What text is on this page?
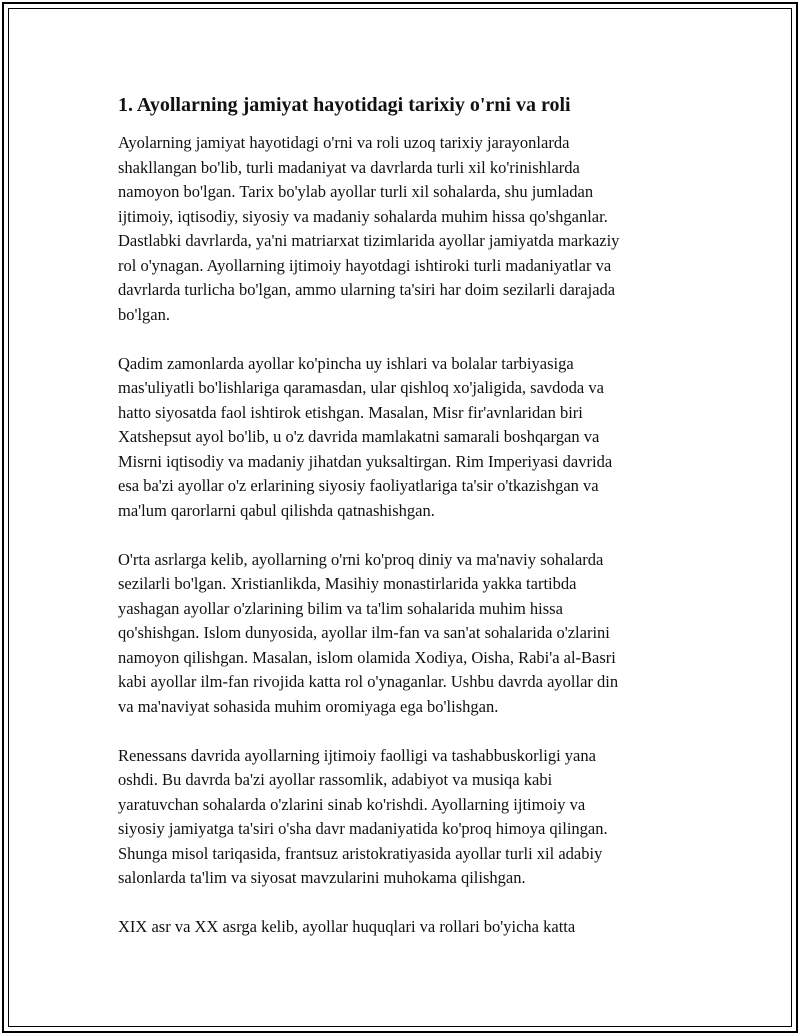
1. Ayollarning jamiyat hayotidagi tarixiy o'rni va roli
Ayolarning jamiyat hayotidagi o'rni va roli uzoq tarixiy jarayonlarda
shakllangan bo'lib, turli madaniyat va davrlarda turli xil ko'rinishlarda
namoyon bo'lgan. Tarix bo'ylab ayollar turli xil sohalarda, shu jumladan
ijtimoiy, iqtisodiy, siyosiy va madaniy sohalarda muhim hissa qo'shganlar.
Dastlabki davrlarda, ya'ni matriarxat tizimlarida ayollar jamiyatda markaziy
rol o'ynagan. Ayollarning ijtimoiy hayotdagi ishtiroki turli madaniyatlar va
davrlarda turlicha bo'lgan, ammo ularning ta'siri har doim sezilarli darajada
bo'lgan.
Qadim zamonlarda ayollar ko'pincha uy ishlari va bolalar tarbiyasiga
mas'uliyatli bo'lishlariga qaramasdan, ular qishloq xo'jaligida, savdoda va
hatto siyosatda faol ishtirok etishgan. Masalan, Misr fir'avnlaridan biri
Xatshepsut ayol bo'lib, u o'z davrida mamlakatni samarali boshqargan va
Misrni iqtisodiy va madaniy jihatdan yuksaltirgan. Rim Imperiyasi davrida
esa ba'zi ayollar o'z erlarining siyosiy faoliyatlariga ta'sir o'tkazishgan va
ma'lum qarorlarni qabul qilishda qatnashishgan.
O'rta asrlarga kelib, ayollarning o'rni ko'proq diniy va ma'naviy sohalarda
sezilarli bo'lgan. Xristianlikda, Masihiy monastirlarida yakka tartibda
yashagan ayollar o'zlarining bilim va ta'lim sohalarida muhim hissa
qo'shishgan. Islom dunyosida, ayollar ilm-fan va san'at sohalarida o'zlarini
namoyon qilishgan. Masalan, islom olamida Xodiya, Oisha, Rabi'a al-Basri
kabi ayollar ilm-fan rivojida katta rol o'ynaganlar. Ushbu davrda ayollar din
va ma'naviyat sohasida muhim oromiyaga ega bo'lishgan.
Renessans davrida ayollarning ijtimoiy faolligi va tashabbuskorligi yana
oshdi. Bu davrda ba'zi ayollar rassomlik, adabiyot va musiqa kabi
yaratuvchan sohalarda o'zlarini sinab ko'rishdi. Ayollarning ijtimoiy va
siyosiy jamiyatga ta'siri o'sha davr madaniyatida ko'proq himoya qilingan.
Shunga misol tariqasida, frantsuz aristokratiyasida ayollar turli xil adabiy
salonlarda ta'lim va siyosat mavzularini muhokama qilishgan.
XIX asr va XX asrga kelib, ayollar huquqlari va rollari bo'yicha katta
